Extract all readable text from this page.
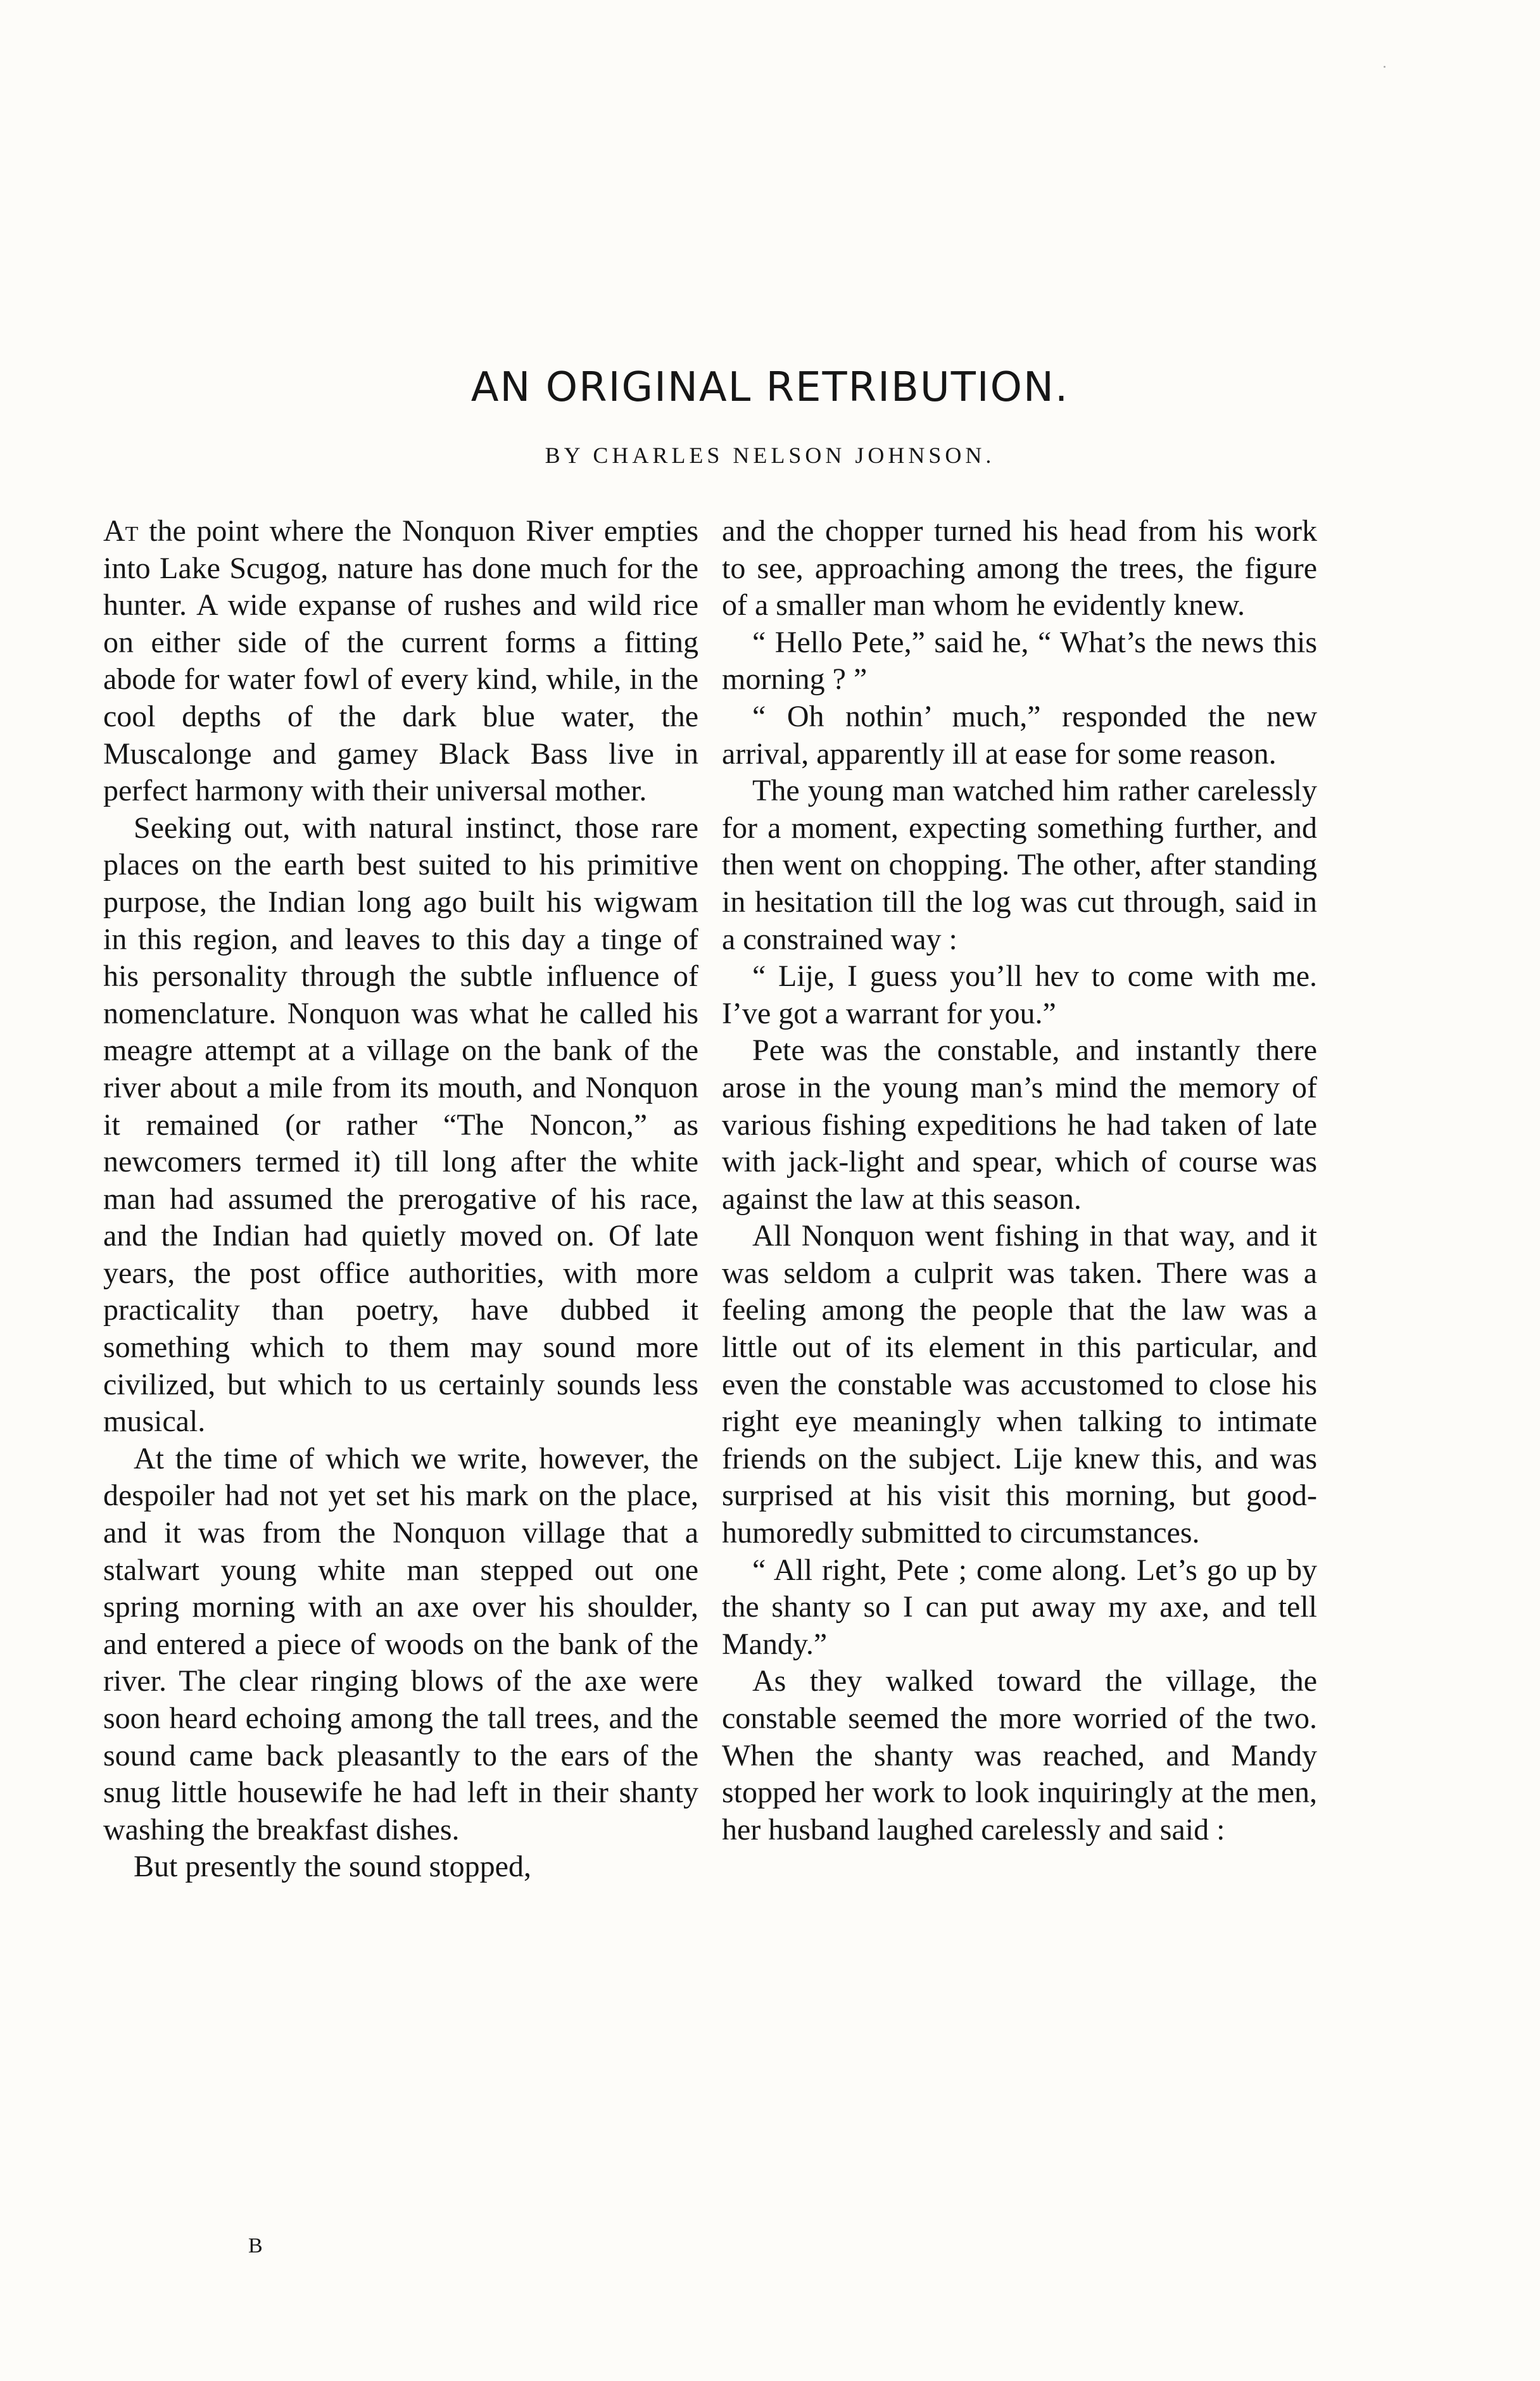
AN ORIGINAL RETRIBUTION.
BY CHARLES NELSON JOHNSON.

At the point where the Nonquon River empties into Lake Scugog, nature has done much for the hunter. A wide expanse of rushes and wild rice on either side of the current forms a fitting abode for water fowl of every kind, while, in the cool depths of the dark blue water, the Muscalonge and gamey Black Bass live in perfect harmony with their universal mother.

Seeking out, with natural instinct, those rare places on the earth best suited to his primitive purpose, the Indian long ago built his wigwam in this region, and leaves to this day a tinge of his personality through the subtle influence of nomenclature. Nonquon was what he called his meagre attempt at a village on the bank of the river about a mile from its mouth, and Nonquon it remained (or rather “The Noncon,” as newcomers termed it) till long after the white man had assumed the prerogative of his race, and the Indian had quietly moved on. Of late years, the post office authorities, with more practicality than poetry, have dubbed it something which to them may sound more civilized, but which to us certainly sounds less musical.

At the time of which we write, however, the despoiler had not yet set his mark on the place, and it was from the Nonquon village that a stalwart young white man stepped out one spring morning with an axe over his shoulder, and entered a piece of woods on the bank of the river. The clear ringing blows of the axe were soon heard echoing among the tall trees, and the sound came back pleasantly to the ears of the snug little housewife he had left in their shanty washing the breakfast dishes.

But presently the sound stopped,

and the chopper turned his head from his work to see, approaching among the trees, the figure of a smaller man whom he evidently knew.

“ Hello Pete,” said he, “ What’s the news this morning ? ”

“ Oh nothin’ much,” responded the new arrival, apparently ill at ease for some reason.

The young man watched him rather carelessly for a moment, expecting something further, and then went on chopping. The other, after standing in hesitation till the log was cut through, said in a constrained way :

“ Lije, I guess you’ll hev to come with me. I’ve got a warrant for you.”

Pete was the constable, and instantly there arose in the young man’s mind the memory of various fishing expeditions he had taken of late with jack-light and spear, which of course was against the law at this season.

All Nonquon went fishing in that way, and it was seldom a culprit was taken. There was a feeling among the people that the law was a little out of its element in this particular, and even the constable was accustomed to close his right eye meaningly when talking to intimate friends on the subject. Lije knew this, and was surprised at his visit this morning, but good-humoredly submitted to circumstances.

“ All right, Pete ; come along. Let’s go up by the shanty so I can put away my axe, and tell Mandy.”

As they walked toward the village, the constable seemed the more worried of the two. When the shanty was reached, and Mandy stopped her work to look inquiringly at the men, her husband laughed carelessly and said :

B
